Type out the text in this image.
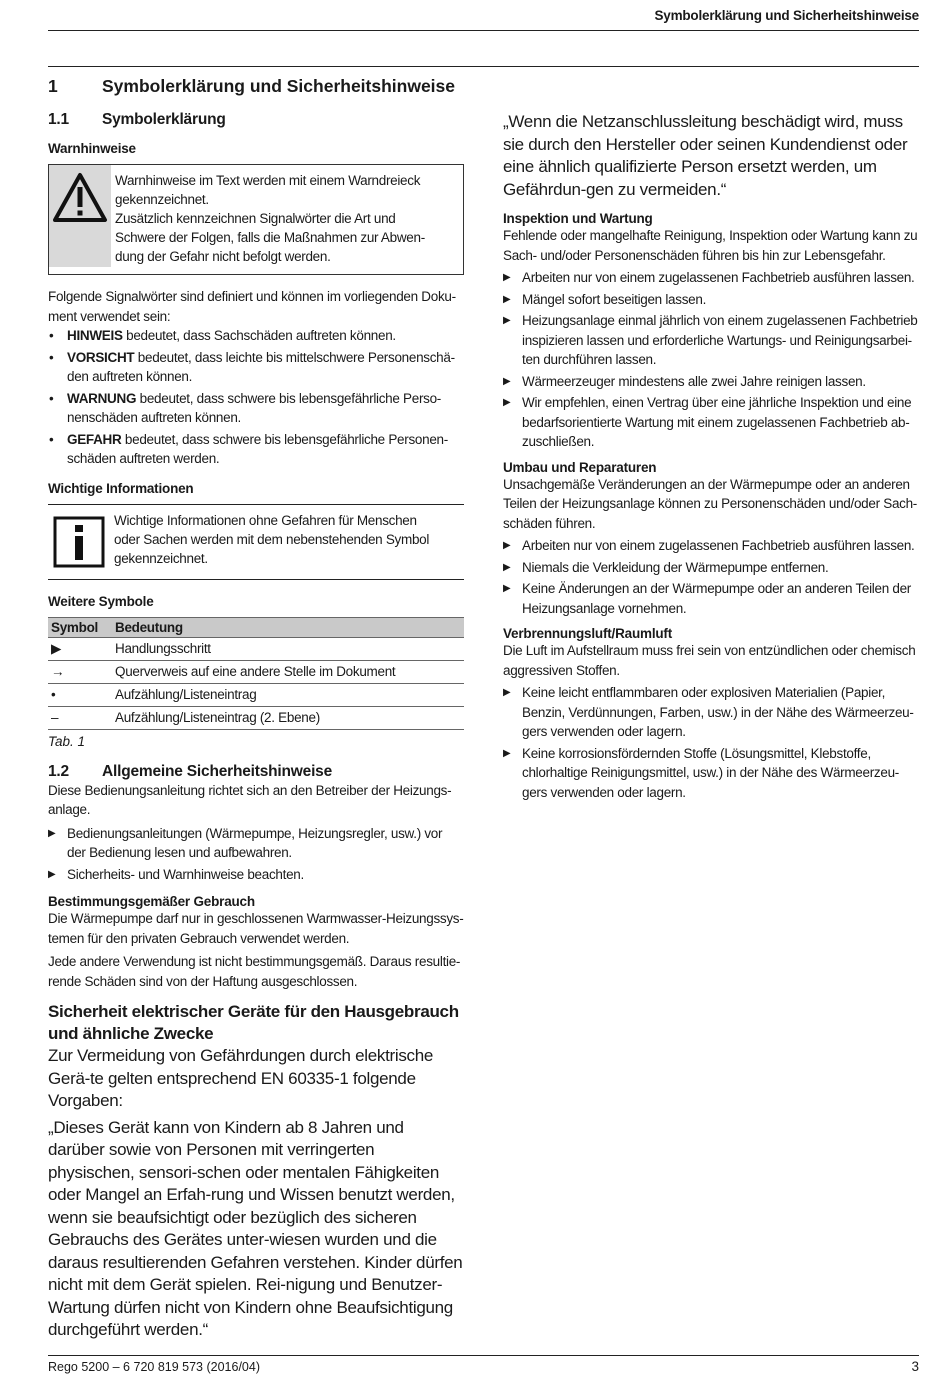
Symbolerklärung und Sicherheitshinweise
1	Symbolerklärung und Sicherheitshinweise
1.1	Symbolerklärung
Warnhinweise
Warnhinweise im Text werden mit einem Warndreieck
gekennzeichnet.
Zusätzlich kennzeichnen Signalwörter die Art und
Schwere der Folgen, falls die Maßnahmen zur Abwen-
dung der Gefahr nicht befolgt werden.

Folgende Signalwörter sind definiert und können im vorliegenden Doku-ment verwendet sein:

• HINWEIS bedeutet, dass Sachschäden auftreten können.
• VORSICHT bedeutet, dass leichte bis mittelschwere Personenschä-den auftreten können.
• WARNUNG bedeutet, dass schwere bis lebensgefährliche Perso-nenschäden auftreten können.
• GEFAHR bedeutet, dass schwere bis lebensgefährliche Personen-schäden auftreten werden.
Wichtige Informationen
Wichtige Informationen ohne Gefahren für Menschen
oder Sachen werden mit dem nebenstehenden Symbol
gekennzeichnet.
Weitere Symbole
Symbol	Bedeutung
▶	Handlungsschritt
→	Querverweis auf eine andere Stelle im Dokument
•	Aufzählung/Listeneintrag
–	Aufzählung/Listeneintrag (2. Ebene)
Tab. 1
1.2	Allgemeine Sicherheitshinweise

Diese Bedienungsanleitung richtet sich an den Betreiber der Heizungs-anlage.

▶ Bedienungsanleitungen (Wärmepumpe, Heizungsregler, usw.) vor der Bedienung lesen und aufbewahren.
▶ Sicherheits- und Warnhinweise beachten.
Bestimmungsgemäßer Gebrauch

Die Wärmepumpe darf nur in geschlossenen Warmwasser-Heizungssys-temen für den privaten Gebrauch verwendet werden.

Jede andere Verwendung ist nicht bestimmungsgemäß. Daraus resultie-rende Schäden sind von der Haftung ausgeschlossen.

Sicherheit elektrischer Geräte für den Hausgebrauch und ähnliche Zwecke

Zur Vermeidung von Gefährdungen durch elektrische Gerä-te gelten entsprechend EN 60335-1 folgende Vorgaben:

„Dieses Gerät kann von Kindern ab 8 Jahren und darüber sowie von Personen mit verringerten physischen, sensori-schen oder mentalen Fähigkeiten oder Mangel an Erfah-rung und Wissen benutzt werden, wenn sie beaufsichtigt oder bezüglich des sicheren Gebrauchs des Gerätes unter-wiesen wurden und die daraus resultierenden Gefahren verstehen. Kinder dürfen nicht mit dem Gerät spielen. Rei-nigung und Benutzer-Wartung dürfen nicht von Kindern ohne Beaufsichtigung durchgeführt werden.“

„Wenn die Netzanschlussleitung beschädigt wird, muss sie durch den Hersteller oder seinen Kundendienst oder eine ähnlich qualifizierte Person ersetzt werden, um Gefährdun-gen zu vermeiden.“

Inspektion und Wartung

Fehlende oder mangelhafte Reinigung, Inspektion oder Wartung kann zu Sach- und/oder Personenschäden führen bis hin zur Lebensgefahr.

▶ Arbeiten nur von einem zugelassenen Fachbetrieb ausführen lassen.
▶ Mängel sofort beseitigen lassen.
▶ Heizungsanlage einmal jährlich von einem zugelassenen Fachbetrieb inspizieren lassen und erforderliche Wartungs- und Reinigungsarbei-ten durchführen lassen.
▶ Wärmeerzeuger mindestens alle zwei Jahre reinigen lassen.
▶ Wir empfehlen, einen Vertrag über eine jährliche Inspektion und eine bedarfsorientierte Wartung mit einem zugelassenen Fachbetrieb ab-zuschließen.
Umbau und Reparaturen

Unsachgemäße Veränderungen an der Wärmepumpe oder an anderen Teilen der Heizungsanlage können zu Personenschäden und/oder Sach-schäden führen.

▶ Arbeiten nur von einem zugelassenen Fachbetrieb ausführen lassen.
▶ Niemals die Verkleidung der Wärmepumpe entfernen.
▶ Keine Änderungen an der Wärmepumpe oder an anderen Teilen der Heizungsanlage vornehmen.
Verbrennungsluft/Raumluft

Die Luft im Aufstellraum muss frei sein von entzündlichen oder chemisch aggressiven Stoffen.

▶ Keine leicht entflammbaren oder explosiven Materialien (Papier, Benzin, Verdünnungen, Farben, usw.) in der Nähe des Wärmeerzeu-gers verwenden oder lagern.
▶ Keine korrosionsfördernden Stoffe (Lösungsmittel, Klebstoffe, chlorhaltige Reinigungsmittel, usw.) in der Nähe des Wärmeerzeu-gers verwenden oder lagern.
Rego 5200 – 6 720 819 573 (2016/04)	3
